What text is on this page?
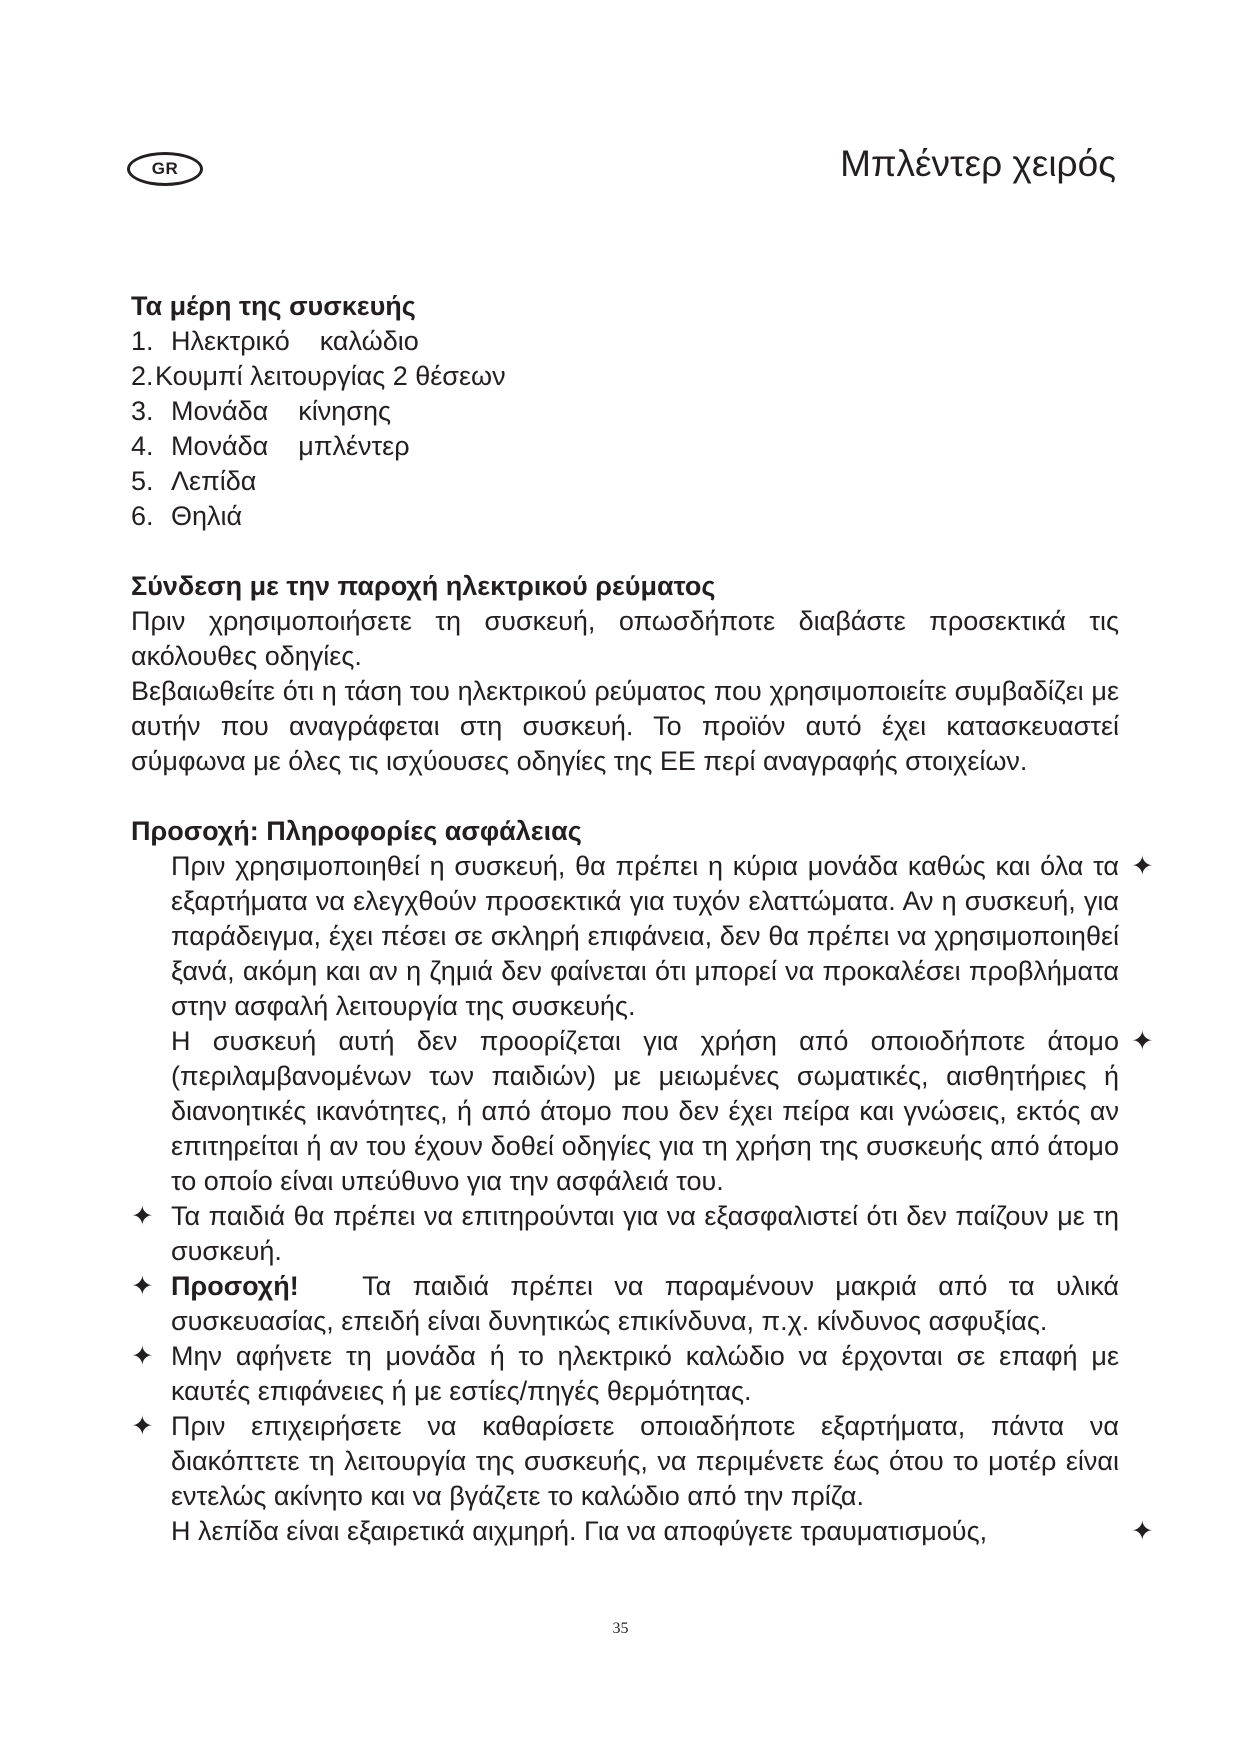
GR	Μπλέντερ χειρός

Τα μέρη της συσκευής

1. Ηλεκτρικό καλώδιο
2. Κουμπί λειτουργίας 2 θέσεων
3. Μονάδα κίνησης
4. Μονάδα μπλέντερ
5. Λεπίδα
6. Θηλιά

Σύνδεση με την παροχή ηλεκτρικού ρεύματος

Πριν χρησιμοποιήσετε τη συσκευή, οπωσδήποτε διαβάστε προσεκτικά τις ακόλουθες οδηγίες.

Βεβαιωθείτε ότι η τάση του ηλεκτρικού ρεύματος που χρησιμοποιείτε συμβαδίζει με αυτήν που αναγράφεται στη συσκευή. Το προϊόν αυτό έχει κατασκευαστεί σύμφωνα με όλες τις ισχύουσες οδηγίες της ΕΕ περί αναγραφής στοιχείων.

Προσοχή: Πληροφορίες ασφάλειας

✦
Πριν χρησιμοποιηθεί η συσκευή, θα πρέπει η κύρια μονάδα καθώς και όλα τα εξαρτήματα να ελεγχθούν προσεκτικά για τυχόν ελαττώματα. Αν η συσκευή, για παράδειγμα, έχει πέσει σε σκληρή επιφάνεια, δεν θα πρέπει να χρησιμοποιηθεί ξανά, ακόμη και αν η ζημιά δεν φαίνεται ότι μπορεί να προκαλέσει προβλήματα στην ασφαλή λειτουργία της συσκευής.
✦
Η συσκευή αυτή δεν προορίζεται για χρήση από οποιοδήποτε άτομο (περιλαμβανομένων των παιδιών) με μειωμένες σωματικές, αισθητήριες ή διανοητικές ικανότητες, ή από άτομο που δεν έχει πείρα και γνώσεις, εκτός αν επιτηρείται ή αν του έχουν δοθεί οδηγίες για τη χρήση της συσκευής από άτομο το οποίο είναι υπεύθυνο για την ασφάλειά του.
✦ Τα παιδιά θα πρέπει να επιτηρούνται για να εξασφαλιστεί ότι δεν παίζουν με τη συσκευή.
✦ Προσοχή! Τα παιδιά πρέπει να παραμένουν μακριά από τα υλικά συσκευασίας, επειδή είναι δυνητικώς επικίνδυνα, π.χ. κίνδυνος ασφυξίας.
✦ Μην αφήνετε τη μονάδα ή το ηλεκτρικό καλώδιο να έρχονται σε επαφή με καυτές επιφάνειες ή με εστίες/πηγές θερμότητας.
✦ Πριν επιχειρήσετε να καθαρίσετε οποιαδήποτε εξαρτήματα, πάντα να διακόπτετε τη λειτουργία της συσκευής, να περιμένετε έως ότου το μοτέρ είναι εντελώς ακίνητο και να βγάζετε το καλώδιο από την πρίζα.
✦
Η λεπίδα είναι εξαιρετικά αιχμηρή. Για να αποφύγετε τραυματισμούς,
35
